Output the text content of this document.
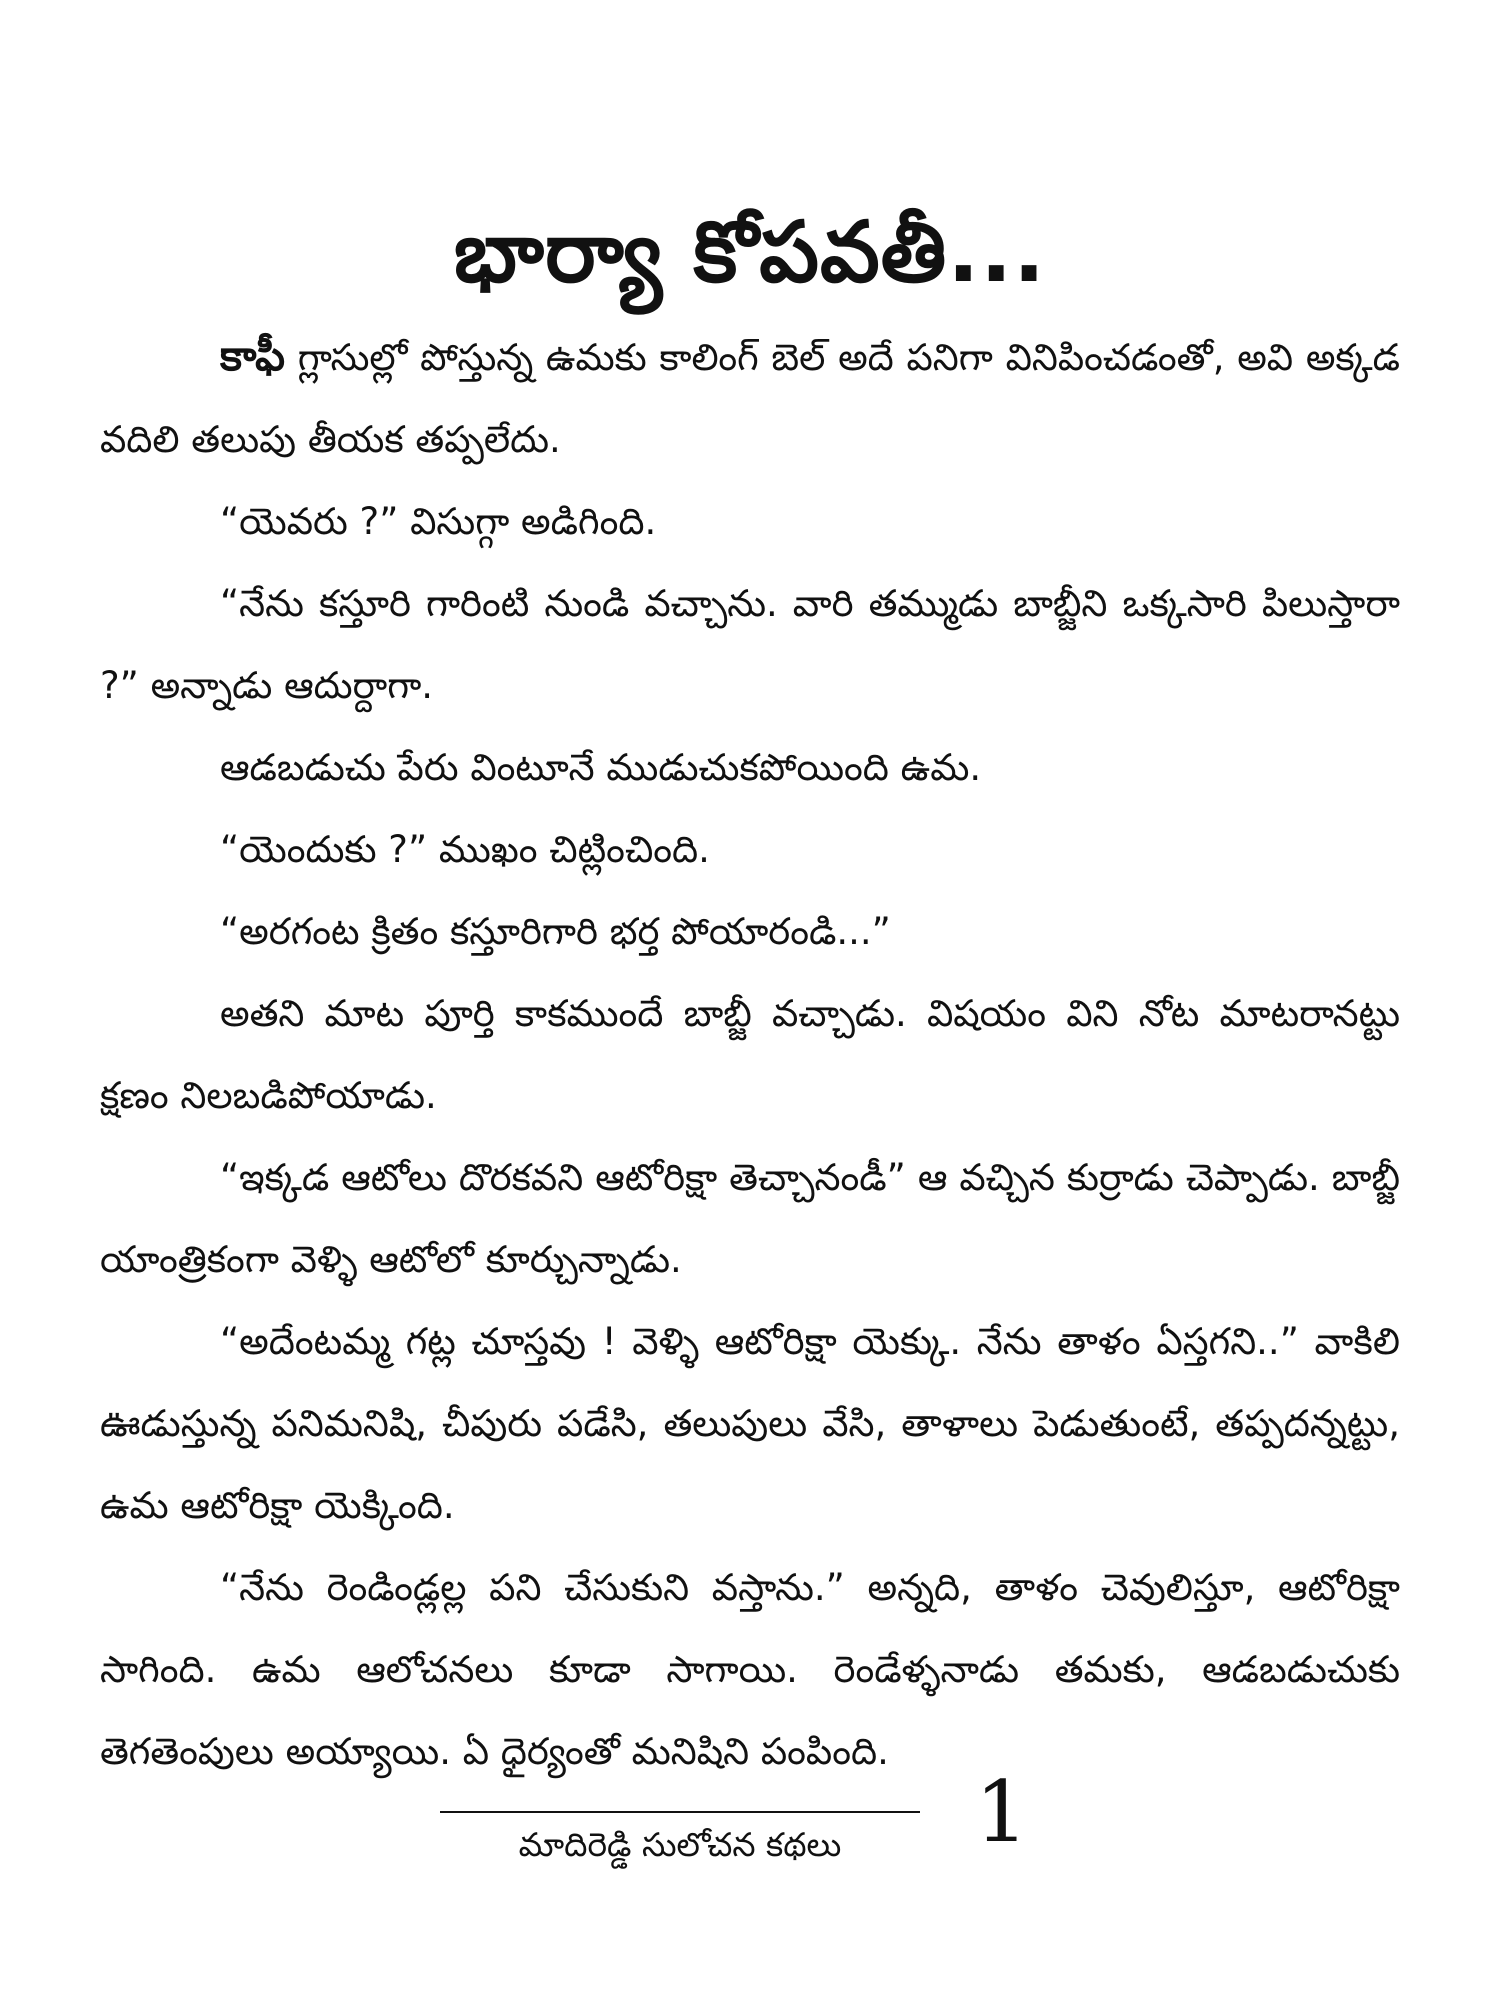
భార్యా కోపవతీ...

కాఫీ గ్లాసుల్లో పోస్తున్న ఉమకు కాలింగ్ బెల్ అదే పనిగా వినిపించడంతో, అవి అక్కడ వదిలి తలుపు తీయక తప్పలేదు.

“యెవరు ?” విసుగ్గా అడిగింది.

“నేను కస్తూరి గారింటి నుండి వచ్చాను. వారి తమ్ముడు బాబ్జీని ఒక్కసారి పిలుస్తారా ?” అన్నాడు ఆదుర్దాగా.

ఆడబడుచు పేరు వింటూనే ముడుచుకపోయింది ఉమ.

“యెందుకు ?” ముఖం చిట్లించింది.

“అరగంట క్రితం కస్తూరిగారి భర్త పోయారండి...”

అతని మాట పూర్తి కాకముందే బాబ్జీ వచ్చాడు. విషయం విని నోట మాటరానట్టు క్షణం నిలబడిపోయాడు.

“ఇక్కడ ఆటోలు దొరకవని ఆటోరిక్షా తెచ్చానండీ” ఆ వచ్చిన కుర్రాడు చెప్పాడు. బాబ్జీ యాంత్రికంగా వెళ్ళి ఆటోలో కూర్చున్నాడు.

“అదేంటమ్మ గట్ల చూస్తవు ! వెళ్ళి ఆటోరిక్షా యెక్కు. నేను తాళం ఏస్తగని..” వాకిలి ఊడుస్తున్న పనిమనిషి, చీపురు పడేసి, తలుపులు వేసి, తాళాలు పెడుతుంటే, తప్పదన్నట్టు, ఉమ ఆటోరిక్షా యెక్కింది.

“నేను రెండిండ్లల్ల పని చేసుకుని వస్తాను.” అన్నది, తాళం చెవులిస్తూ, ఆటోరిక్షా సాగింది. ఉమ ఆలోచనలు కూడా సాగాయి. రెండేళ్ళనాడు తమకు, ఆడబడుచుకు తెగతెంపులు అయ్యాయి. ఏ ధైర్యంతో మనిషిని పంపింది.

మాదిరెడ్డి సులోచన కథలు	1
